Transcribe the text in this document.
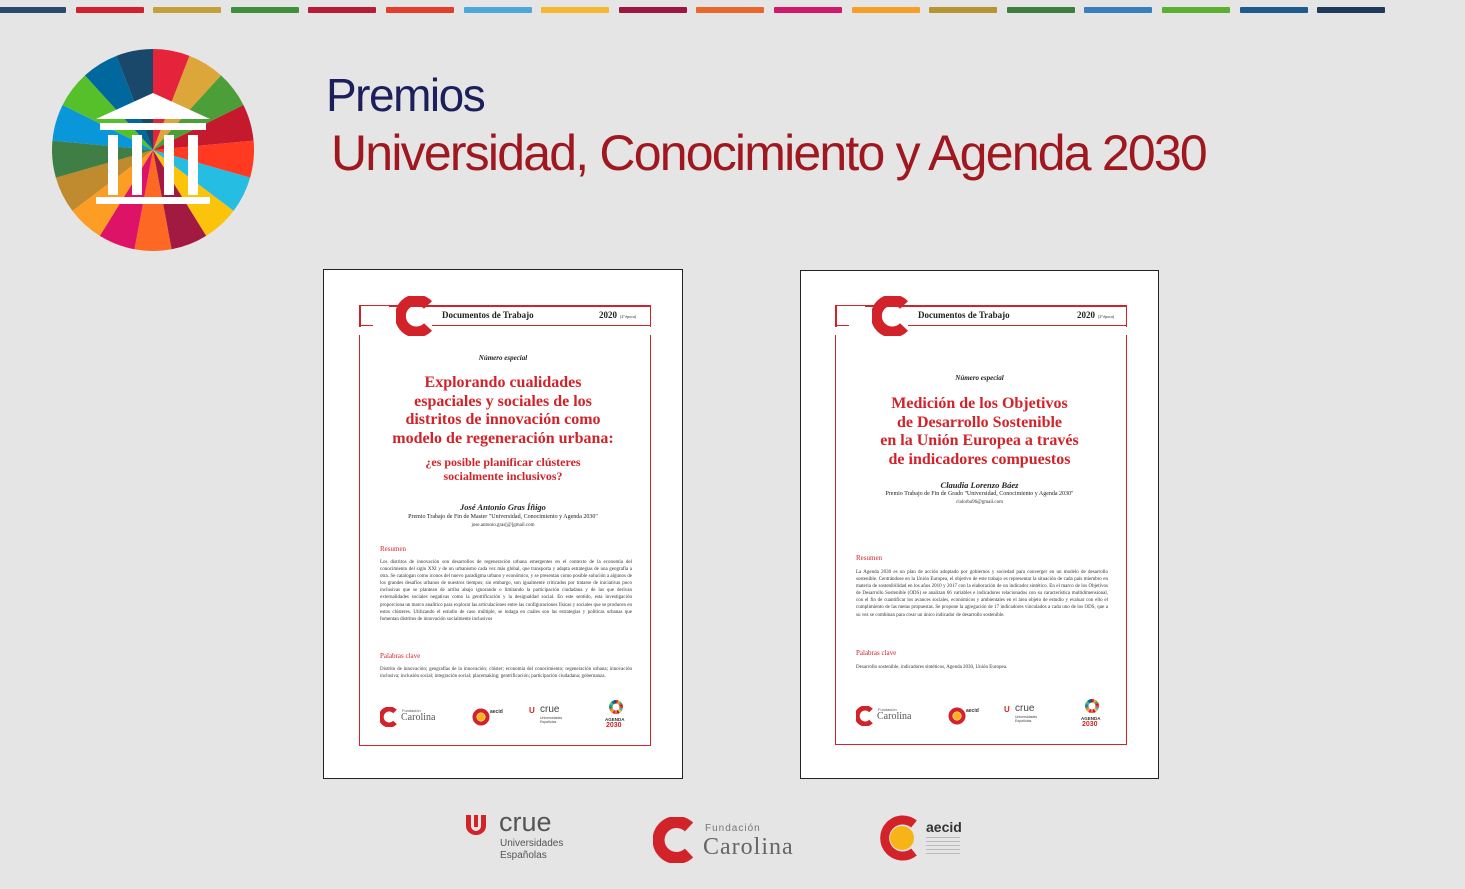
Premios
Universidad, Conocimiento y Agenda 2030
Documentos de Trabajo	2020 (2ª época)
Número especial
Explorando cualidades
espaciales y sociales de los
distritos de innovación como
modelo de regeneración urbana:
¿es posible planificar clústeres
socialmente inclusivos?
José Antonio Gras Íñigo
Premio Trabajo de Fin de Master "Universidad, Conocimiento y Agenda 2030"
jose.antonio.gras[@]gmail.com
Resumen
Los distritos de innovación son desarrollos de regeneración urbana emergentes en el contexto de la economía del conocimiento del siglo XXI y de un urbanismo cada vez más global, que transporta y adapta estrategias de una geografía a otra. Se catalogan como iconos del nuevo paradigma urbano y económico, y se presentan como posible solución a algunos de los grandes desafíos urbanos de nuestros tiempos; sin embargo, son igualmente criticados por tratarse de iniciativas poco inclusivas que se plantean de arriba abajo ignorando o limitando la participación ciudadana y de las que derivan externalidades sociales negativas como la gentrificación y la desigualdad social. En este sentido, esta investigación proporciona un marco analítico para explorar las articulaciones entre las configuraciones físicas y sociales que se producen en estos clústeres. Utilizando el estudio de caso múltiple, se indaga en cuáles son las estrategias y políticas urbanas que fomentan distritos de innovación socialmente inclusivos
Palabras clave
Distrito de innovación; geografías de la innovación; clúster; economía del conocimiento; regeneración urbana; innovación inclusiva; inclusión social; integración social; placemaking; gentrificación; participación ciudadana; gobernanza.
Fundación
Carolina	aecid	U crue
Universidades
Españolas	AGENDA
2030
Documentos de Trabajo	2020 (2ª época)
Número especial
Medición de los Objetivos
de Desarrollo Sostenible
en la Unión Europea a través
de indicadores compuestos
Claudia Lorenzo Báez
Premio Trabajo de Fin de Grado "Universidad, Conocimiento y Agenda 2030"
clalorba96@gmail.com
Resumen
La Agenda 2030 es un plan de acción adoptado por gobiernos y sociedad para converger en un modelo de desarrollo sostenible. Centrándose en la Unión Europea, el objetivo de este trabajo es representar la situación de cada país miembro en materia de sostenibilidad en los años 2010 y 2017 con la elaboración de un indicador sintético. En el marco de los Objetivos de Desarrollo Sostenible (ODS) se analizan 66 variables e indicadores relacionados con su característica multidimensional, con el fin de cuantificar los avances sociales, económicos y ambientales en el área objeto de estudio y evaluar con ello el cumplimiento de las metas propuestas. Se propone la agregación de 17 indicadores vinculados a cada uno de los ODS, que a su vez se combinan para crear un único indicador de desarrollo sostenible.
Palabras clave
Desarrollo sostenible, indicadores sintéticos, Agenda 2030, Unión Europea.
Fundación
Carolina	aecid	U crue
Universidades
Españolas	AGENDA
2030
crue
Universidades
Españolas
Fundación
Carolina
aecid
